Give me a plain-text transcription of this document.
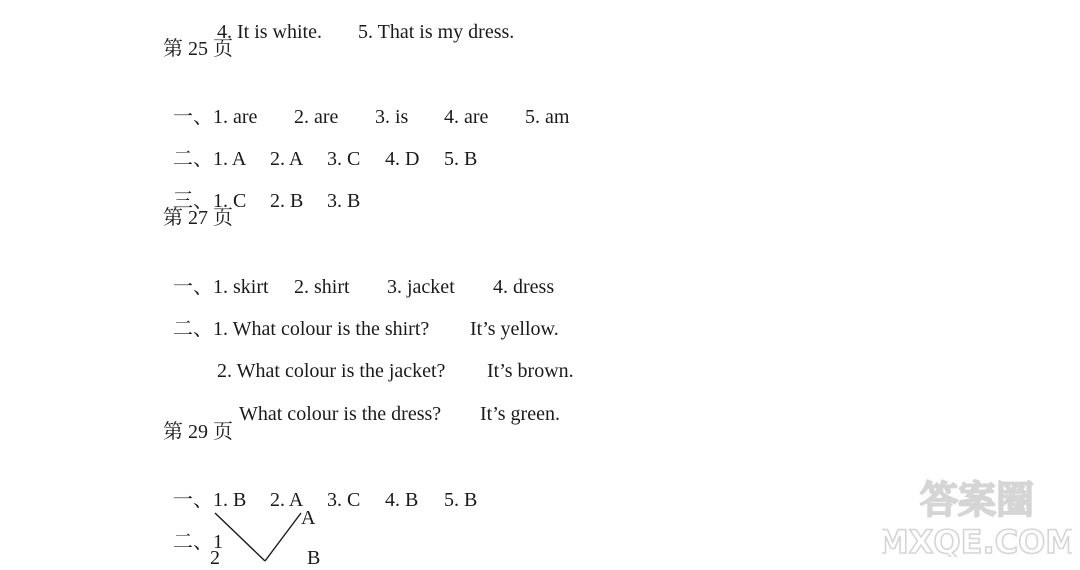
4. It is white. 5. That is my dress.

第 25 页

一、1. are 2. are 3. is 4. are 5. am

二、1. A 2. A 3. C 4. D 5. B

三、1. C 2. B 3. B

第 27 页

一、1. skirt 2. shirt 3. jacket 4. dress

二、1. What colour is the shirt? It’s yellow.

2. What colour is the jacket? It’s brown.

What colour is the dress? It’s green.

第 29 页

一、1. B 2. A 3. C 4. B 5. B

二、1

A
2	B
答案圈
MXQE.COM
